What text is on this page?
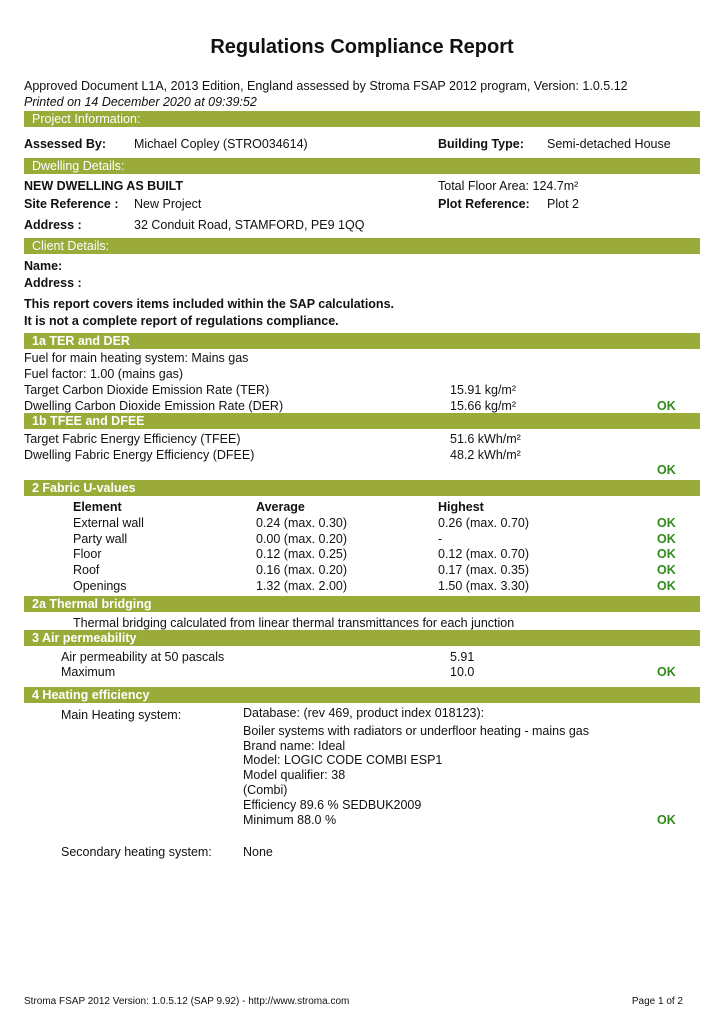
Regulations Compliance Report
Approved Document L1A, 2013 Edition, England assessed by Stroma FSAP 2012 program, Version: 1.0.5.12
Printed on 14 December 2020 at 09:39:52
Project Information:
Assessed By: Michael Copley (STRO034614)	Building Type: Semi-detached House
Dwelling Details:
NEW DWELLING AS BUILT	Total Floor Area: 124.7m²
Site Reference : New Project	Plot Reference: Plot 2
Address :	32 Conduit Road, STAMFORD, PE9 1QQ
Client Details:
Name:
Address :
This report covers items included within the SAP calculations.
It is not a complete report of regulations compliance.
1a TER and DER
Fuel for main heating system: Mains gas
Fuel factor: 1.00 (mains gas)
Target Carbon Dioxide Emission Rate (TER)	15.91 kg/m²
Dwelling Carbon Dioxide Emission Rate (DER)	15.66 kg/m²	OK
1b TFEE and DFEE
Target Fabric Energy Efficiency (TFEE)	51.6 kWh/m²
Dwelling Fabric Energy Efficiency (DFEE)	48.2 kWh/m²
OK
2 Fabric U-values
Element	Average	Highest
External wall	0.24 (max. 0.30)	0.26 (max. 0.70)	OK
Party wall	0.00 (max. 0.20)	-	OK
Floor	0.12 (max. 0.25)	0.12 (max. 0.70)	OK
Roof	0.16 (max. 0.20)	0.17 (max. 0.35)	OK
Openings	1.32 (max. 2.00)	1.50 (max. 3.30)	OK
2a Thermal bridging
Thermal bridging calculated from linear thermal transmittances for each junction
3 Air permeability
Air permeability at 50 pascals	5.91
Maximum	10.0	OK
4 Heating efficiency
Main Heating system:	Database: (rev 469, product index 018123):
Boiler systems with radiators or underfloor heating - mains gas
Brand name: Ideal
Model: LOGIC CODE COMBI ESP1
Model qualifier: 38
(Combi)
Efficiency 89.6 % SEDBUK2009
Minimum 88.0 %	OK
Secondary heating system: None
Stroma FSAP 2012 Version: 1.0.5.12 (SAP 9.92) - http://www.stroma.com	Page 1 of 2
